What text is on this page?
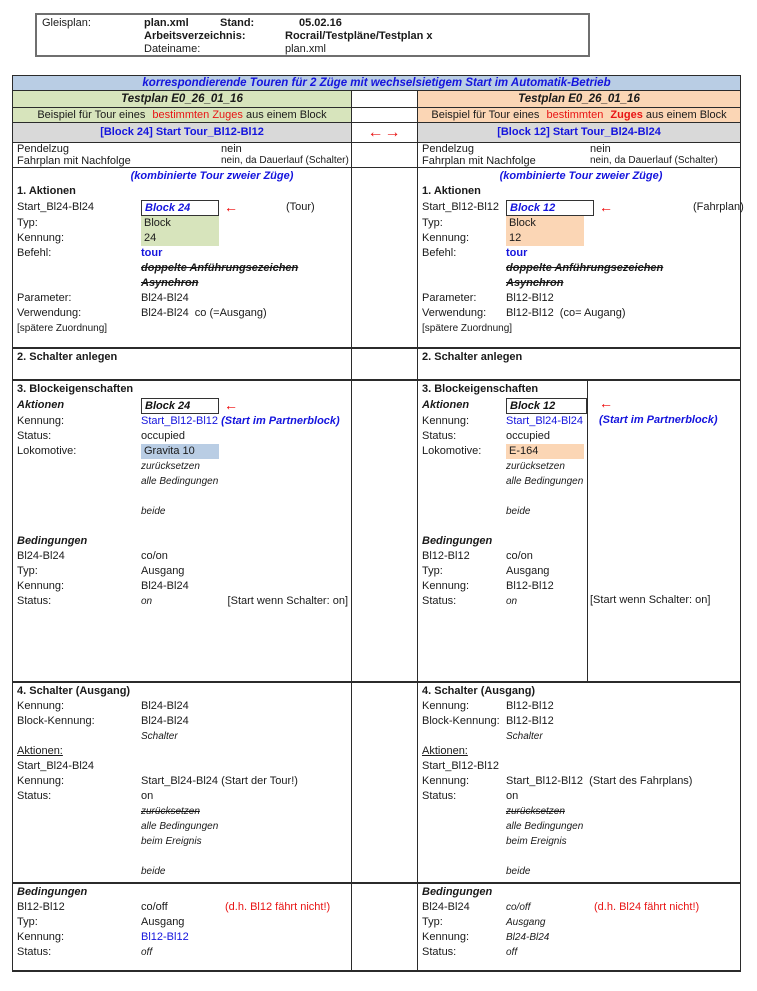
Gleisplan:	plan.xml	Stand:	05.02.16
Arbeitsverzeichnis:	Rocrail/Testpläne/Testplan x
Dateiname:	plan.xml
korrespondierende Touren für 2 Züge mit wechselsietigem Start im Automatik-Betrieb
Testplan E0_26_01_16	Testplan E0_26_01_16
Beispiel für Tour eines bestimmten Zuges aus einem Block	Beispiel für Tour eines bestimmten Zuges aus einem Block
[Block 24] Start Tour_Bl12-Bl12	←→	[Block 12] Start Tour_Bl24-Bl24
Pendelzug	nein
Fahrplan mit Nachfolge	nein, da Dauerlauf (Schalter)
Pendelzug	nein
Fahrplan mit Nachfolge	nein, da Dauerlauf (Schalter)
(kombinierte Tour zweier Züge)
1. Aktionen
Start_Bl24-Bl24	Block 24	←	(Tour)
Typ:	Block
Kennung:	24
Befehl:	tour
doppelte Anführungsezeichen
Asynchron
Parameter:	Bl24-Bl24
Verwendung:	Bl24-Bl24  co (=Ausgang)
[spätere Zuordnung]
(kombinierte Tour zweier Züge)
1. Aktionen
Start_Bl12-Bl12 Block 12	←	(Fahrplan)
Typ:	Block
Kennung:	12
Befehl:	tour
doppelte Anführungsezeichen
Asynchron
Parameter:	Bl12-Bl12
Verwendung:	Bl12-Bl12  (co= Augang)
[spätere Zuordnung]
2. Schalter anlegen	2. Schalter anlegen
3. Blockeigenschaften
Aktionen	Block 24	←
Kennung:	Start_Bl12-Bl12 (Start im Partnerblock)
Status:	occupied
Lokomotive:	Gravita 10
zurücksetzen
alle Bedingungen
beide
Bedingungen
Bl24-Bl24	co/on
Typ:	Ausgang
Kennung:	Bl24-Bl24
Status:	on	[Start wenn Schalter: on]
3. Blockeigenschaften
Aktionen	Block 12
Kennung:	Start_Bl24-Bl24
Status:	occupied
Lokomotive:	E-164
zurücksetzen
alle Bedingungen
beide
Bedingungen
Bl12-Bl12	co/on
Typ:	Ausgang
Kennung:	Bl12-Bl12
Status:	on
←
(Start im Partnerblock)
[Start wenn Schalter: on]
4. Schalter (Ausgang)
Kennung:	Bl24-Bl24
Block-Kennung:	Bl24-Bl24
Schalter
Aktionen:
Start_Bl24-Bl24
Kennung:	Start_Bl24-Bl24 (Start der Tour!)
Status:	on
zurücksetzen
alle Bedingungen
beim Ereignis
beide
4. Schalter (Ausgang)
Kennung:	Bl12-Bl12
Block-Kennung: Bl12-Bl12
Schalter
Aktionen:
Start_Bl12-Bl12
Kennung:	Start_Bl12-Bl12  (Start des Fahrplans)
Status:	on
zurücksetzen
alle Bedingungen
beim Ereignis
beide
Bedingungen
Bl12-Bl12	co/off	(d.h. Bl12 fährt nicht!)
Typ:	Ausgang
Kennung:	Bl12-Bl12
Status:	off
Bedingungen
Bl24-Bl24	co/off	(d.h. Bl24 fährt nicht!)
Typ:	Ausgang
Kennung:	Bl24-Bl24
Status:	off
